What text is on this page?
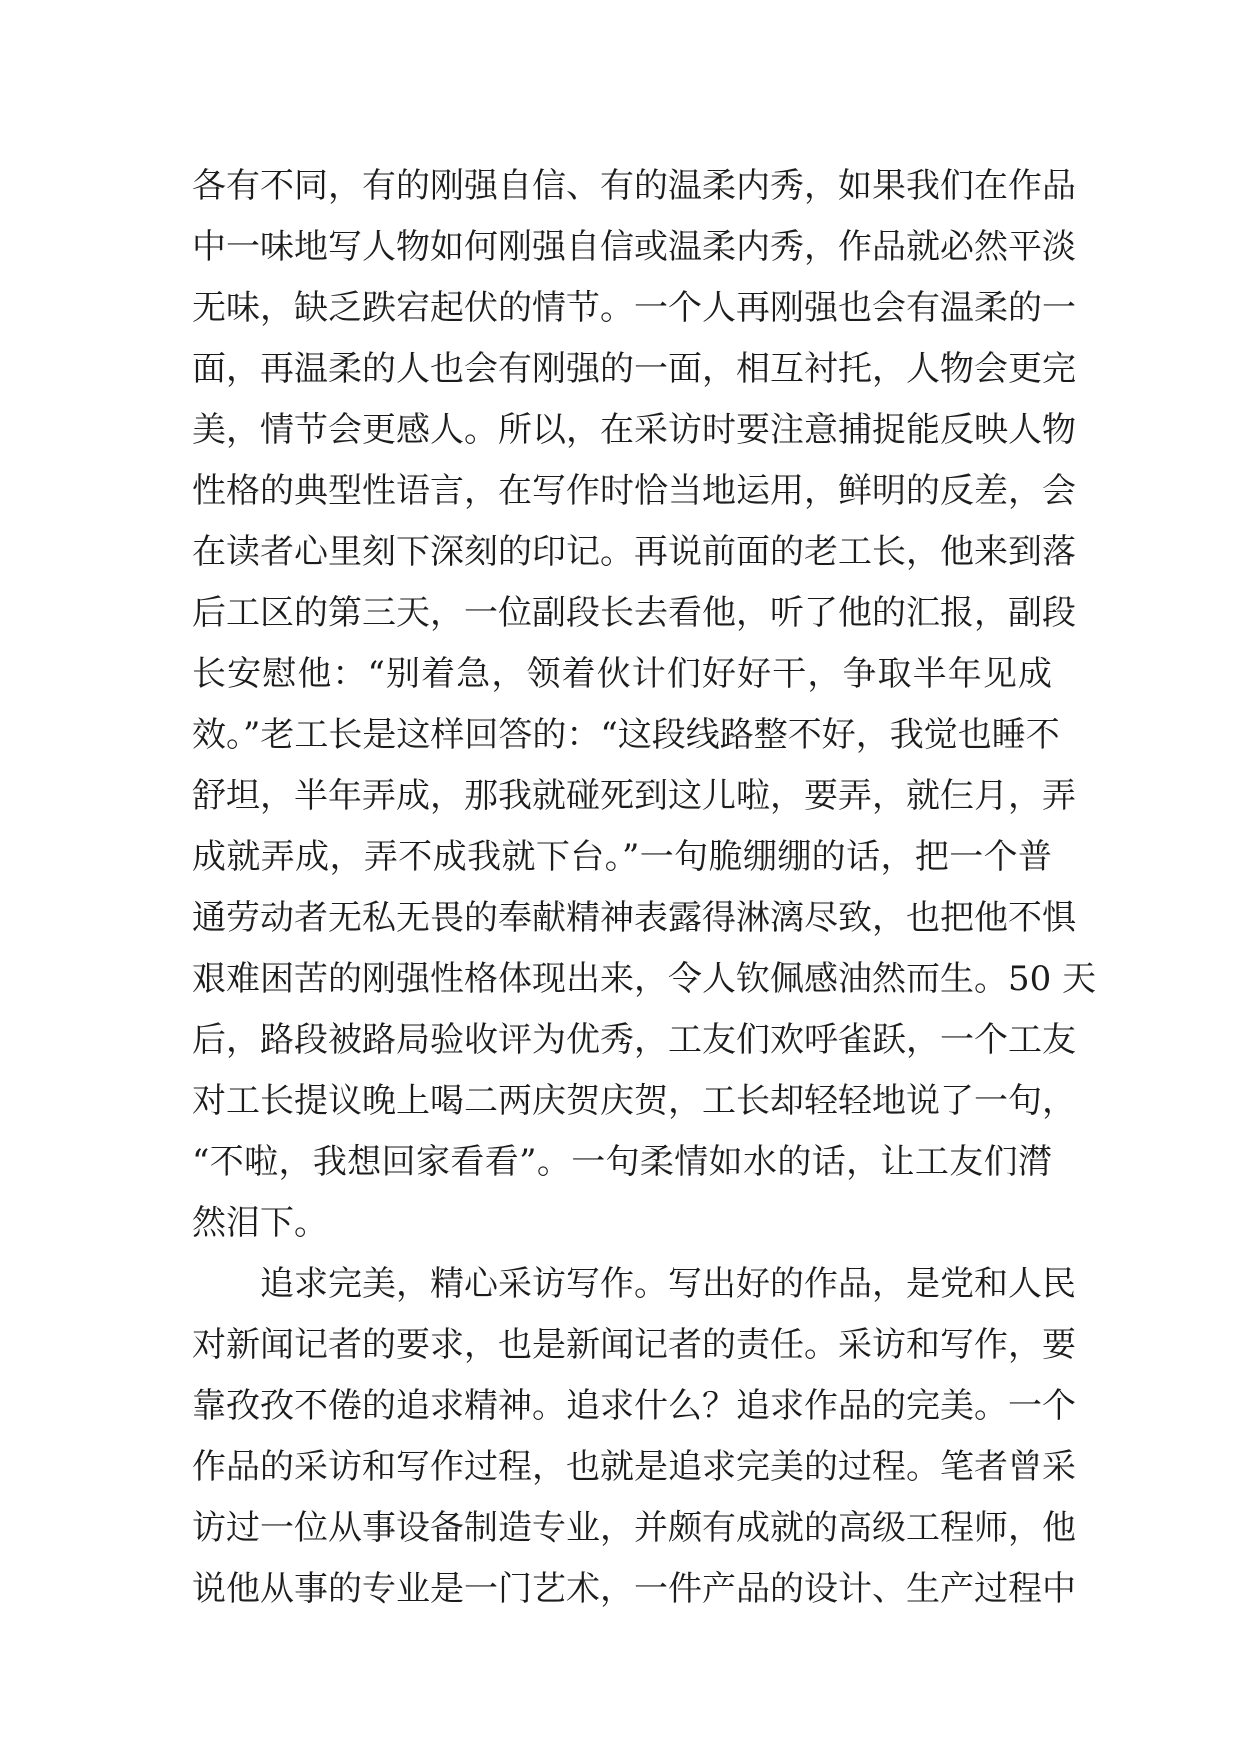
各有不同，有的刚强自信、有的温柔内秀，如果我们在作品
中一味地写人物如何刚强自信或温柔内秀，作品就必然平淡
无味，缺乏跌宕起伏的情节。一个人再刚强也会有温柔的一
面，再温柔的人也会有刚强的一面，相互衬托，人物会更完
美，情节会更感人。所以，在采访时要注意捕捉能反映人物
性格的典型性语言，在写作时恰当地运用，鲜明的反差，会
在读者心里刻下深刻的印记。再说前面的老工长，他来到落
后工区的第三天，一位副段长去看他，听了他的汇报，副段
长安慰他：“别着急，领着伙计们好好干，争取半年见成
效。”老工长是这样回答的：“这段线路整不好，我觉也睡不
舒坦，半年弄成，那我就碰死到这儿啦，要弄，就仨月，弄
成就弄成，弄不成我就下台。”一句脆绷绷的话，把一个普
通劳动者无私无畏的奉献精神表露得淋漓尽致，也把他不惧
艰难困苦的刚强性格体现出来，令人钦佩感油然而生。50 天
后，路段被路局验收评为优秀，工友们欢呼雀跃，一个工友
对工长提议晚上喝二两庆贺庆贺，工长却轻轻地说了一句，
“不啦，我想回家看看”。一句柔情如水的话，让工友们潸
然泪下。
追求完美，精心采访写作。写出好的作品，是党和人民
对新闻记者的要求，也是新闻记者的责任。采访和写作，要
靠孜孜不倦的追求精神。追求什么？追求作品的完美。一个
作品的采访和写作过程，也就是追求完美的过程。笔者曾采
访过一位从事设备制造专业，并颇有成就的高级工程师，他
说他从事的专业是一门艺术，一件产品的设计、生产过程中
